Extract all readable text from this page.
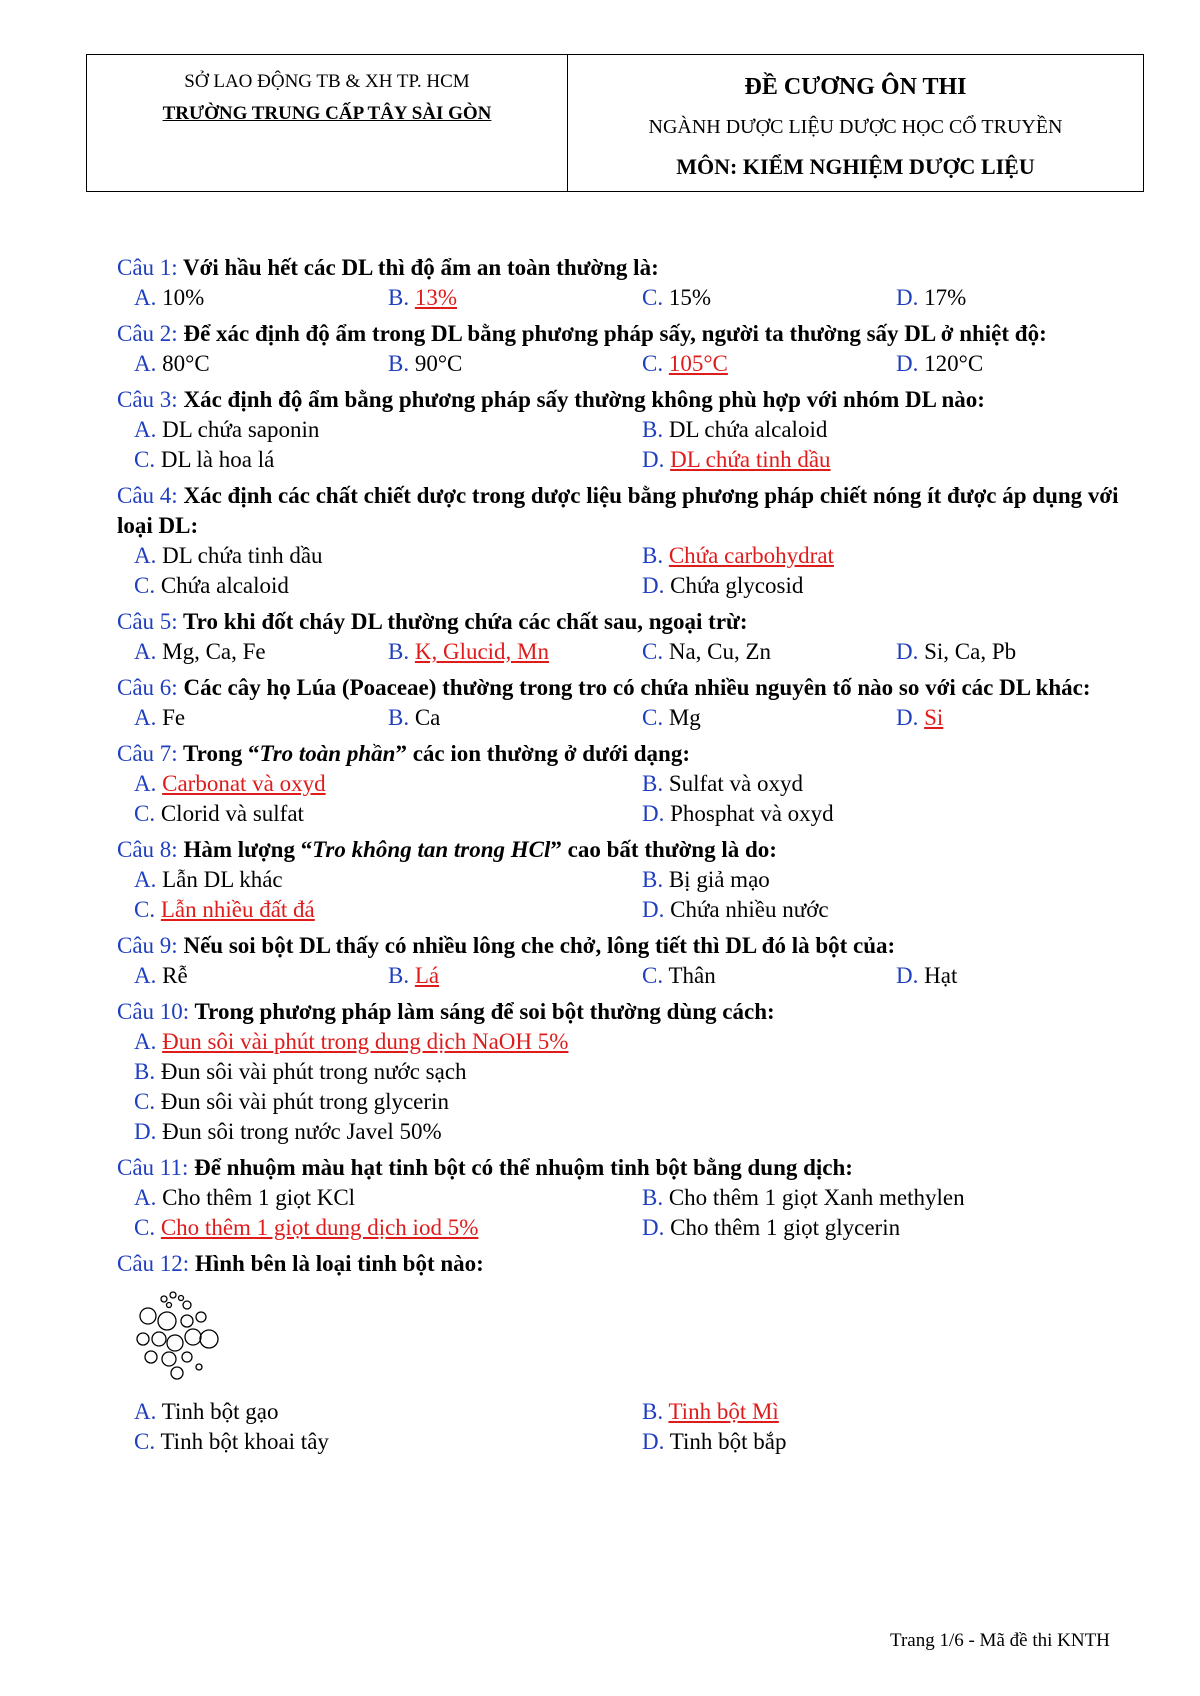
SỞ LAO ĐỘNG TB & XH TP. HCM
TRƯỜNG TRUNG CẤP TÂY SÀI GÒN
ĐỀ CƯƠNG ÔN THI
NGÀNH DƯỢC LIỆU DƯỢC HỌC CỔ TRUYỀN
MÔN: KIỂM NGHIỆM DƯỢC LIỆU

Câu 1: Với hầu hết các DL thì độ ẩm an toàn thường là:

A. 10%	B. 13%	C. 15%	D. 17%

Câu 2: Để xác định độ ẩm trong DL bằng phương pháp sấy, người ta thường sấy DL ở nhiệt độ:

A. 80°C	B. 90°C	C. 105°C	D. 120°C

Câu 3: Xác định độ ẩm bằng phương pháp sấy thường không phù hợp với nhóm DL nào:

A. DL chứa saponin	B. DL chứa alcaloid
C. DL là hoa lá	D. DL chứa tinh dầu

Câu 4: Xác định các chất chiết dược trong dược liệu bằng phương pháp chiết nóng ít được áp dụng với loại DL:

A. DL chứa tinh dầu	B. Chứa carbohydrat
C. Chứa alcaloid	D. Chứa glycosid

Câu 5: Tro khi đốt cháy DL thường chứa các chất sau, ngoại trừ:

A. Mg, Ca, Fe	B. K, Glucid, Mn	C. Na, Cu, Zn	D. Si, Ca, Pb

Câu 6: Các cây họ Lúa (Poaceae) thường trong tro có chứa nhiều nguyên tố nào so với các DL khác:

A. Fe	B. Ca	C. Mg	D. Si

Câu 7: Trong “Tro toàn phần” các ion thường ở dưới dạng:

A. Carbonat và oxyd	B. Sulfat và oxyd
C. Clorid và sulfat	D. Phosphat và oxyd

Câu 8: Hàm lượng “Tro không tan trong HCl” cao bất thường là do:

A. Lẫn DL khác	B. Bị giả mạo
C. Lẫn nhiều đất đá	D. Chứa nhiều nước

Câu 9: Nếu soi bột DL thấy có nhiều lông che chở, lông tiết thì DL đó là bột của:

A. Rễ	B. Lá	C. Thân	D. Hạt

Câu 10: Trong phương pháp làm sáng để soi bột thường dùng cách:

A. Đun sôi vài phút trong dung dịch NaOH 5%
B. Đun sôi vài phút trong nước sạch
C. Đun sôi vài phút trong glycerin
D. Đun sôi trong nước Javel 50%

Câu 11: Để nhuộm màu hạt tinh bột có thể nhuộm tinh bột bằng dung dịch:

A. Cho thêm 1 giọt KCl	B. Cho thêm 1 giọt Xanh methylen
C. Cho thêm 1 giọt dung dịch iod 5%	D. Cho thêm 1 giọt glycerin

Câu 12: Hình bên là loại tinh bột nào:

A. Tinh bột gạo	B. Tinh bột Mì
C. Tinh bột khoai tây	D. Tinh bột bắp
Trang 1/6 - Mã đề thi KNTH
